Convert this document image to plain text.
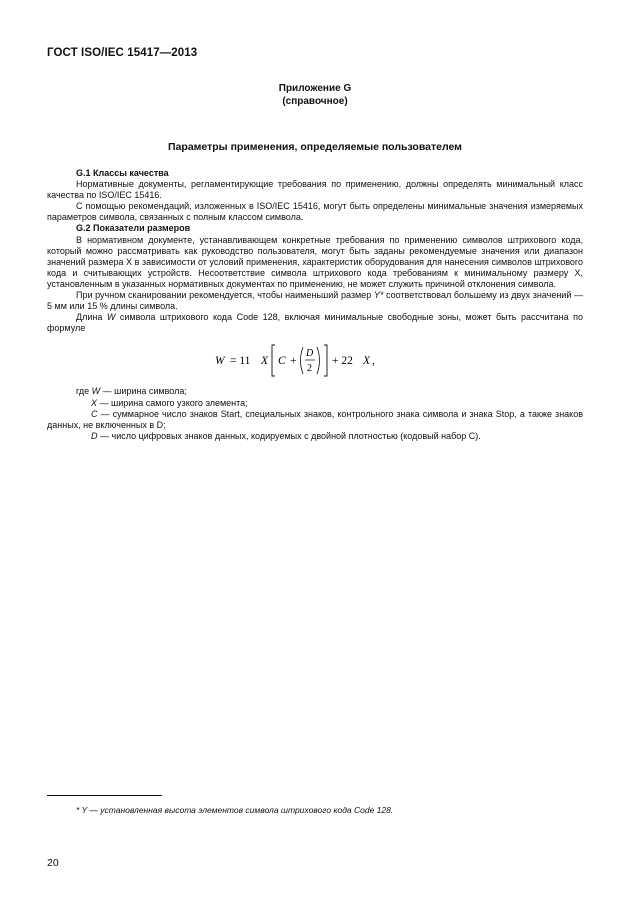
ГОСТ ISO/IEC 15417—2013
Приложение G
(справочное)
Параметры применения, определяемые пользователем
G.1 Классы качества

Нормативные документы, регламентирующие требования по применению, должны определять минимальный класс качества по ISO/IEC 15416.

С помощью рекомендаций, изложенных в ISO/IEC 15416, могут быть определены минимальные значения измеряемых параметров символа, связанных с полным классом символа.

G.2 Показатели размеров

В нормативном документе, устанавливающем конкретные требования по применению символов штрихового кода, который можно рассматривать как руководство пользователя, могут быть заданы рекомендуемые значения или диапазон значений размера X в зависимости от условий применения, характеристик оборудования для нанесения символов штрихового кода и считывающих устройств. Несоответствие символа штрихового кода требованиям к минимальному размеру X, установленным в указанных нормативных документах по применению, не может служить причиной отклонения символа.

При ручном сканировании рекомендуется, чтобы наименьший размер Y* соответствовал большему из двух значений — 5 мм или 15 % длины символа.

Длина W символа штрихового кода Code 128, включая минимальные свободные зоны, может быть рассчитана по формуле

W = 11 X C +
D
2
+ 22 X ,

где W — ширина символа;

X — ширина самого узкого элемента;

C — суммарное число знаков Start, специальных знаков, контрольного знака символа и знака Stop, а также знаков данных, не включенных в D;

D — число цифровых знаков данных, кодируемых с двойной плотностью (кодовый набор С).

* Y — установленная высота элементов символа штрихового кода Code 128.
20
